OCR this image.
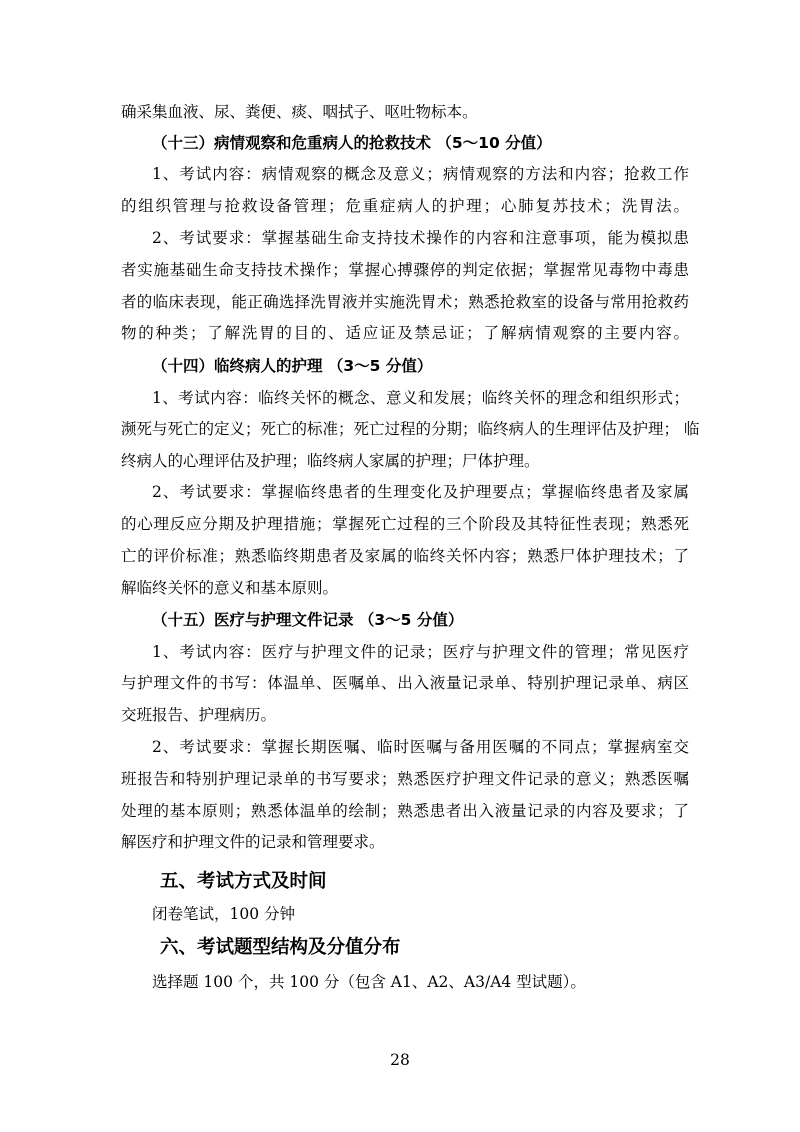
确采集血液、尿、粪便、痰、咽拭子、呕吐物标本。
（十三）病情观察和危重病人的抢救技术 （5～10 分值）
1、考试内容：病情观察的概念及意义；病情观察的方法和内容；抢救工作
的组织管理与抢救设备管理；危重症病人的护理；心肺复苏技术；洗胃法。
2、考试要求：掌握基础生命支持技术操作的内容和注意事项，能为模拟患
者实施基础生命支持技术操作；掌握心搏骤停的判定依据；掌握常见毒物中毒患
者的临床表现，能正确选择洗胃液并实施洗胃术；熟悉抢救室的设备与常用抢救药
物的种类；了解洗胃的目的、适应证及禁忌证；了解病情观察的主要内容。
（十四）临终病人的护理 （3～5 分值）
1、考试内容：临终关怀的概念、意义和发展；临终关怀的理念和组织形式；
濒死与死亡的定义；死亡的标准；死亡过程的分期；临终病人的生理评估及护理； 临
终病人的心理评估及护理；临终病人家属的护理；尸体护理。
2、考试要求：掌握临终患者的生理变化及护理要点；掌握临终患者及家属
的心理反应分期及护理措施；掌握死亡过程的三个阶段及其特征性表现；熟悉死
亡的评价标准；熟悉临终期患者及家属的临终关怀内容；熟悉尸体护理技术；了
解临终关怀的意义和基本原则。
（十五）医疗与护理文件记录 （3～5 分值）
1、考试内容：医疗与护理文件的记录；医疗与护理文件的管理；常见医疗
与护理文件的书写：体温单、医嘱单、出入液量记录单、特别护理记录单、病区
交班报告、护理病历。
2、考试要求：掌握长期医嘱、临时医嘱与备用医嘱的不同点；掌握病室交
班报告和特别护理记录单的书写要求；熟悉医疗护理文件记录的意义；熟悉医嘱
处理的基本原则；熟悉体温单的绘制；熟悉患者出入液量记录的内容及要求；了
解医疗和护理文件的记录和管理要求。
五、考试方式及时间
闭卷笔试，100 分钟
六、考试题型结构及分值分布
选择题 100 个，共 100 分（包含 A1、A2、A3/A4 型试题）。
28
